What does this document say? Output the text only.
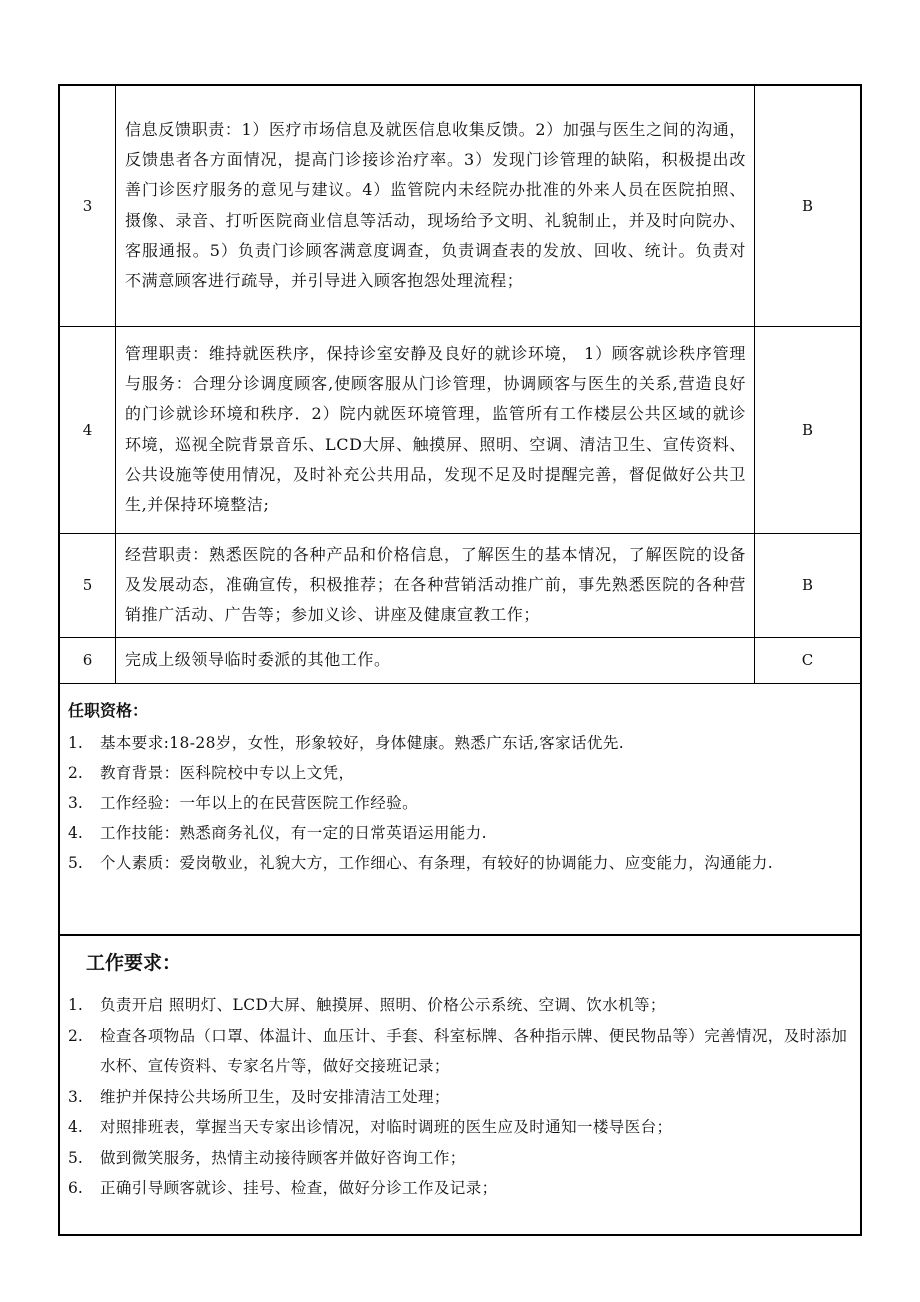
3	信息反馈职责：1）医疗市场信息及就医信息收集反馈。2）加强与医生之间的沟通，反馈患者各方面情况，提高门诊接诊治疗率。3）发现门诊管理的缺陷，积极提出改善门诊医疗服务的意见与建议。4）监管院内未经院办批准的外来人员在医院拍照、摄像、录音、打听医院商业信息等活动，现场给予文明、礼貌制止，并及时向院办、客服通报。5）负责门诊顾客满意度调查，负责调查表的发放、回收、统计。负责对不满意顾客进行疏导，并引导进入顾客抱怨处理流程；	B
4	管理职责：维持就医秩序，保持诊室安静及良好的就诊环境， 1）顾客就诊秩序管理与服务：合理分诊调度顾客,使顾客服从门诊管理，协调顾客与医生的关系,营造良好的门诊就诊环境和秩序．2）院内就医环境管理，监管所有工作楼层公共区域的就诊环境，巡视全院背景音乐、LCD大屏、触摸屏、照明、空调、清洁卫生、宣传资料、公共设施等使用情况，及时补充公共用品，发现不足及时提醒完善，督促做好公共卫生,并保持环境整洁;	B
5	经营职责：熟悉医院的各种产品和价格信息，了解医生的基本情况，了解医院的设备及发展动态，准确宣传，积极推荐；在各种营销活动推广前，事先熟悉医院的各种营销推广活动、广告等；参加义诊、讲座及健康宣教工作；	B
6	完成上级领导临时委派的其他工作。	C
任职资格：
1.	基本要求:18-28岁，女性，形象较好，身体健康。熟悉广东话,客家话优先.
2.	教育背景：医科院校中专以上文凭，
3.	工作经验：一年以上的在民营医院工作经验。
4.	工作技能：熟悉商务礼仪，有一定的日常英语运用能力.
5.	个人素质：爱岗敬业，礼貌大方，工作细心、有条理，有较好的协调能力、应变能力，沟通能力.
工作要求：
1.	负责开启 照明灯、LCD大屏、触摸屏、照明、价格公示系统、空调、饮水机等；
2.	检查各项物品（口罩、体温计、血压计、手套、科室标牌、各种指示牌、便民物品等）完善情况，及时添加水杯、宣传资料、专家名片等，做好交接班记录；
3.	维护并保持公共场所卫生，及时安排清洁工处理；
4.	对照排班表，掌握当天专家出诊情况，对临时调班的医生应及时通知一楼导医台；
5.	做到微笑服务，热情主动接待顾客并做好咨询工作；
6.	正确引导顾客就诊、挂号、检查，做好分诊工作及记录；
